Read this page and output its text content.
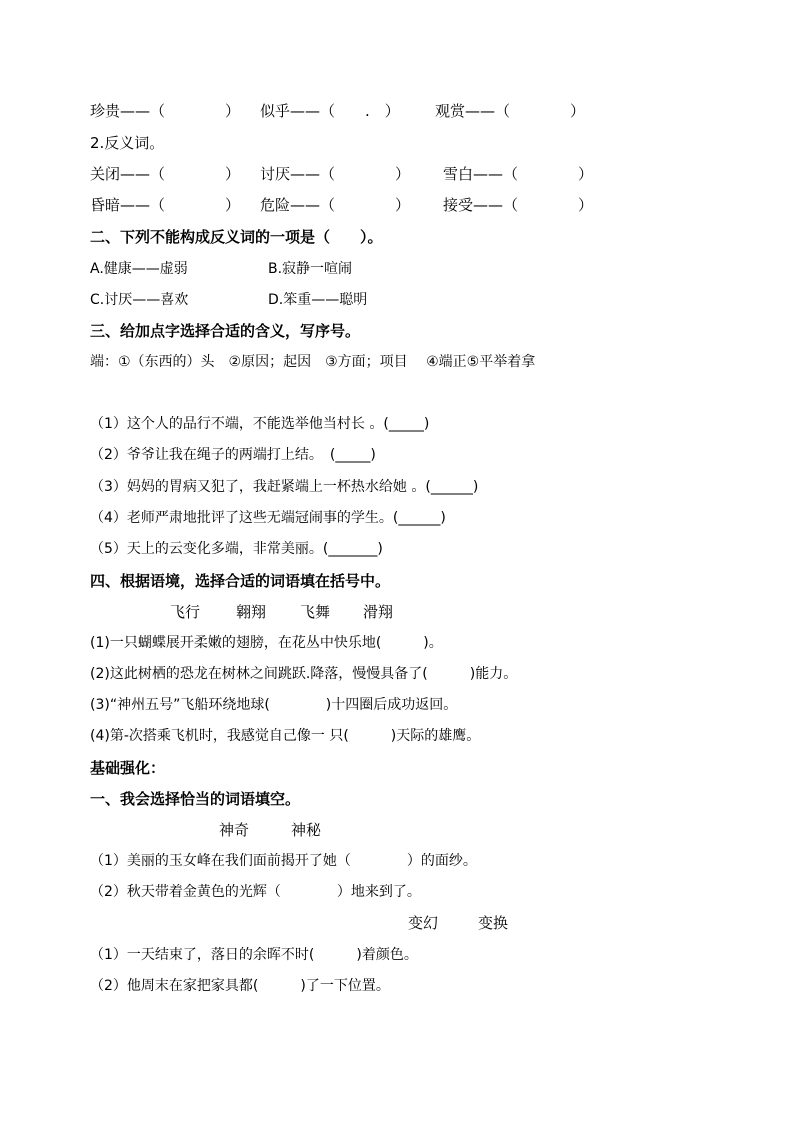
珍贵——（　　　　） 似乎——（　　.　） 观赏——（　　　　）
2.反义词。
关闭——（　　　　） 讨厌——（　　　　） 雪白——（　　　　）
昏暗——（　　　　） 危险——（　　　　） 接受——（　　　　）
二、下列不能构成反义词的一项是（　　）。
A.健康——虚弱	B.寂静一喧闹
C.讨厌——喜欢	D.笨重——聪明
三、给加点字选择合适的含义，写序号。
端：①（东西的）头　②原因；起因　③方面；项目　 ④端正⑤平举着拿
（1）这个人的品行不端，不能选举他当村长 。(_____)
（2）爷爷让我在绳子的两端打上结。　(_____)
（3）妈妈的胃病又犯了，我赶紧端上一杯热水给她 。(______)
（4）老师严肃地批评了这些无端冠闹事的学生。(______)
（5）天上的云变化多端，非常美丽。(_______)
四、根据语境，选择合适的词语填在括号中。
飞行 翱翔 飞舞 滑翔
(1)一只蝴蝶展开柔嫩的翅膀，在花丛中快乐地(　　　)。
(2)这此树栖的恐龙在树林之间跳跃.降落，慢慢具备了(　　　)能力。
(3)“神州五号”飞船环绕地球(　　　　)十四圈后成功返回。
(4)第-次搭乘飞机时，我感觉自己像一 只(　　　)天际的雄鹰。
基础强化：
一、我会选择恰当的词语填空。
神奇	神秘
（1）美丽的玉女峰在我们面前揭开了她（　　　　）的面纱。
（2）秋天带着金黄色的光辉（　　　　）地来到了。
变幻	变换
（1）一天结束了，落日的余晖不时(　　　)着颜色。
（2）他周末在家把家具都(　　　)了一下位置。
